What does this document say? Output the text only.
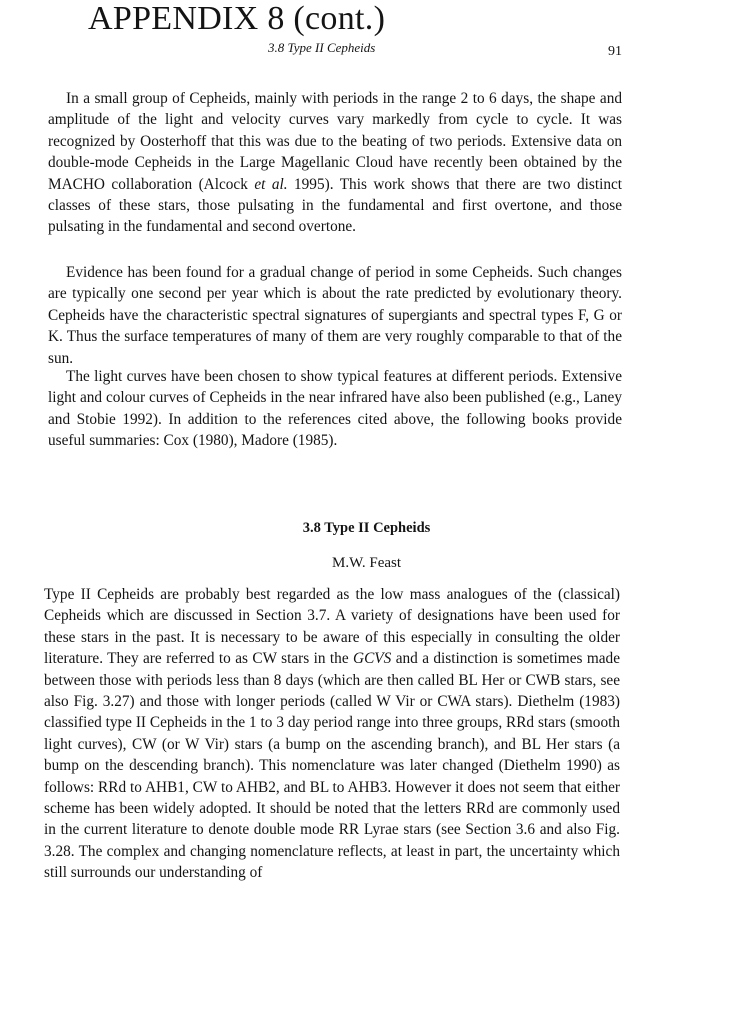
APPENDIX 8 (cont.)
3.8 Type II Cepheids	91

In a small group of Cepheids, mainly with periods in the range 2 to 6 days, the shape and amplitude of the light and velocity curves vary markedly from cycle to cycle. It was recognized by Oosterhoff that this was due to the beating of two periods. Extensive data on double-mode Cepheids in the Large Magellanic Cloud have recently been obtained by the MACHO collaboration (Alcock et al. 1995). This work shows that there are two distinct classes of these stars, those pulsating in the fundamental and first overtone, and those pulsating in the fundamental and second overtone.

Evidence has been found for a gradual change of period in some Cepheids. Such changes are typically one second per year which is about the rate predicted by evolutionary theory. Cepheids have the characteristic spectral signatures of supergiants and spectral types F, G or K. Thus the surface temperatures of many of them are very roughly comparable to that of the sun.

The light curves have been chosen to show typical features at different periods. Extensive light and colour curves of Cepheids in the near infrared have also been published (e.g., Laney and Stobie 1992). In addition to the references cited above, the following books provide useful summaries: Cox (1980), Madore (1985).

3.8 Type II Cepheids
M.W. Feast

Type II Cepheids are probably best regarded as the low mass analogues of the (classical) Cepheids which are discussed in Section 3.7. A variety of designations have been used for these stars in the past. It is necessary to be aware of this especially in consulting the older literature. They are referred to as CW stars in the GCVS and a distinction is sometimes made between those with periods less than 8 days (which are then called BL Her or CWB stars, see also Fig. 3.27) and those with longer periods (called W Vir or CWA stars). Diethelm (1983) classified type II Cepheids in the 1 to 3 day period range into three groups, RRd stars (smooth light curves), CW (or W Vir) stars (a bump on the ascending branch), and BL Her stars (a bump on the descending branch). This nomenclature was later changed (Diethelm 1990) as follows: RRd to AHB1, CW to AHB2, and BL to AHB3. However it does not seem that either scheme has been widely adopted. It should be noted that the letters RRd are commonly used in the current literature to denote double mode RR Lyrae stars (see Section 3.6 and also Fig. 3.28. The complex and changing nomenclature reflects, at least in part, the uncertainty which still surrounds our understanding of
